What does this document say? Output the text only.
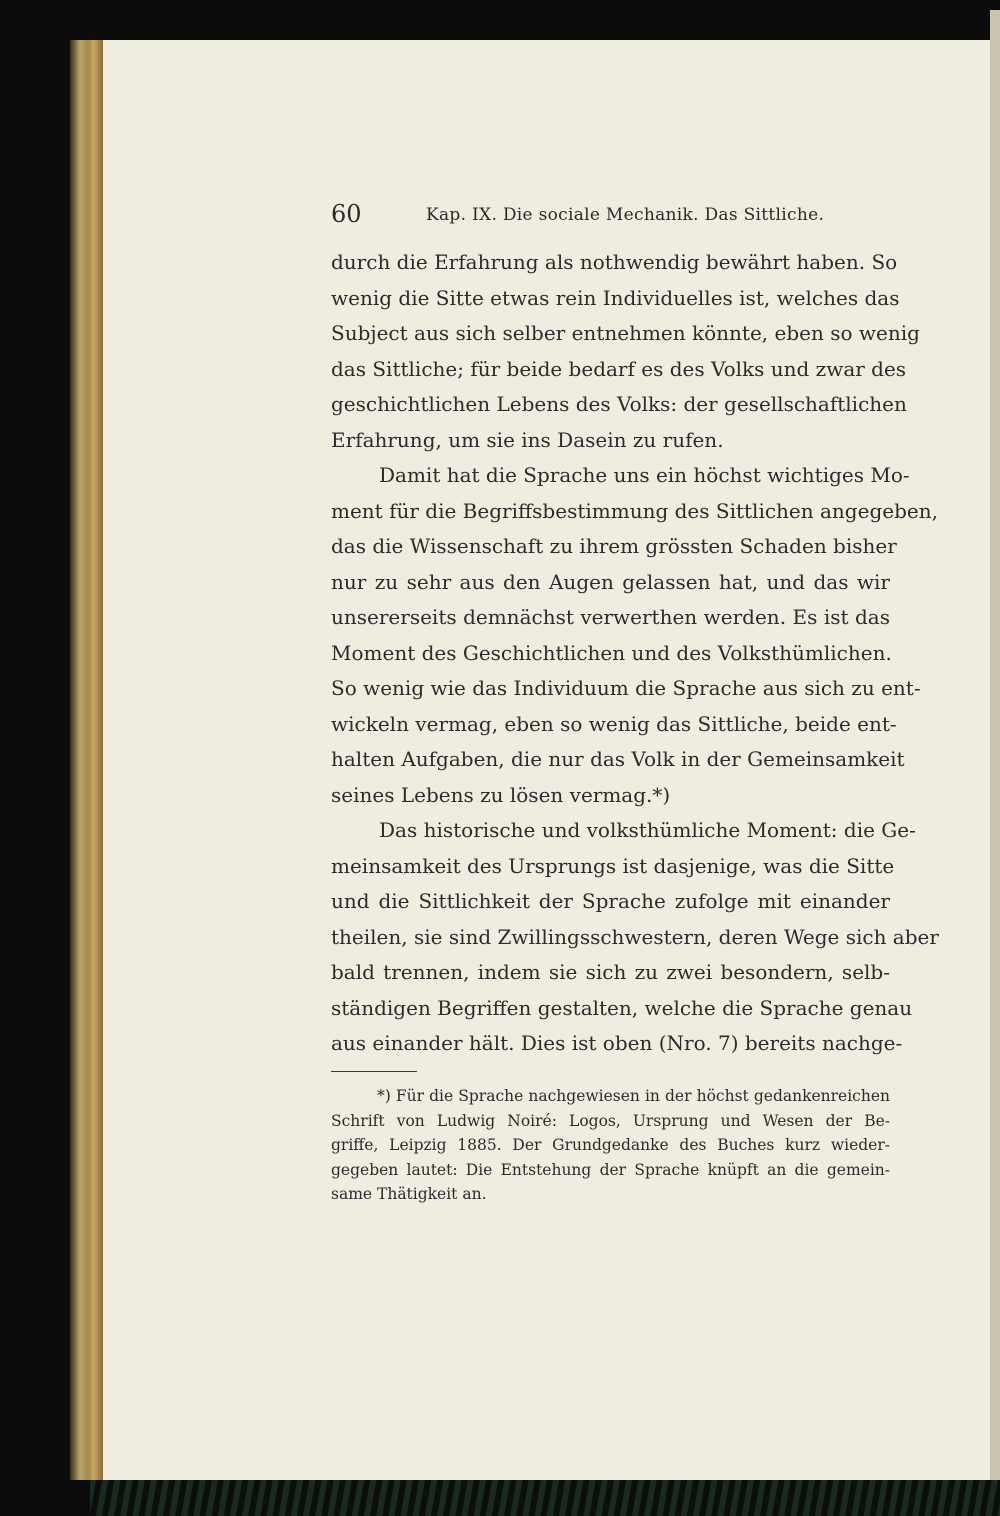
60	Kap. IX. Die sociale Mechanik. Das Sittliche.
durch die Erfahrung als nothwendig bewährt haben. So
wenig die Sitte etwas rein Individuelles ist, welches das
Subject aus sich selber entnehmen könnte, eben so wenig
das Sittliche; für beide bedarf es des Volks und zwar des
geschichtlichen Lebens des Volks: der gesellschaftlichen
Erfahrung, um sie ins Dasein zu rufen.
Damit hat die Sprache uns ein höchst wichtiges Mo-
ment für die Begriffsbestimmung des Sittlichen angegeben,
das die Wissenschaft zu ihrem grössten Schaden bisher
nur zu sehr aus den Augen gelassen hat, und das wir
unsererseits demnächst verwerthen werden. Es ist das
Moment des Geschichtlichen und des Volksthümlichen.
So wenig wie das Individuum die Sprache aus sich zu ent-
wickeln vermag, eben so wenig das Sittliche, beide ent-
halten Aufgaben, die nur das Volk in der Gemeinsamkeit
seines Lebens zu lösen vermag.*)
Das historische und volksthümliche Moment: die Ge-
meinsamkeit des Ursprungs ist dasjenige, was die Sitte
und die Sittlichkeit der Sprache zufolge mit einander
theilen, sie sind Zwillingsschwestern, deren Wege sich aber
bald trennen, indem sie sich zu zwei besondern, selb-
ständigen Begriffen gestalten, welche die Sprache genau
aus einander hält. Dies ist oben (Nro. 7) bereits nachge-
*) Für die Sprache nachgewiesen in der höchst gedankenreichen
Schrift von Ludwig Noiré: Logos, Ursprung und Wesen der Be-
griffe, Leipzig 1885. Der Grundgedanke des Buches kurz wieder-
gegeben lautet: Die Entstehung der Sprache knüpft an die gemein-
same Thätigkeit an.
